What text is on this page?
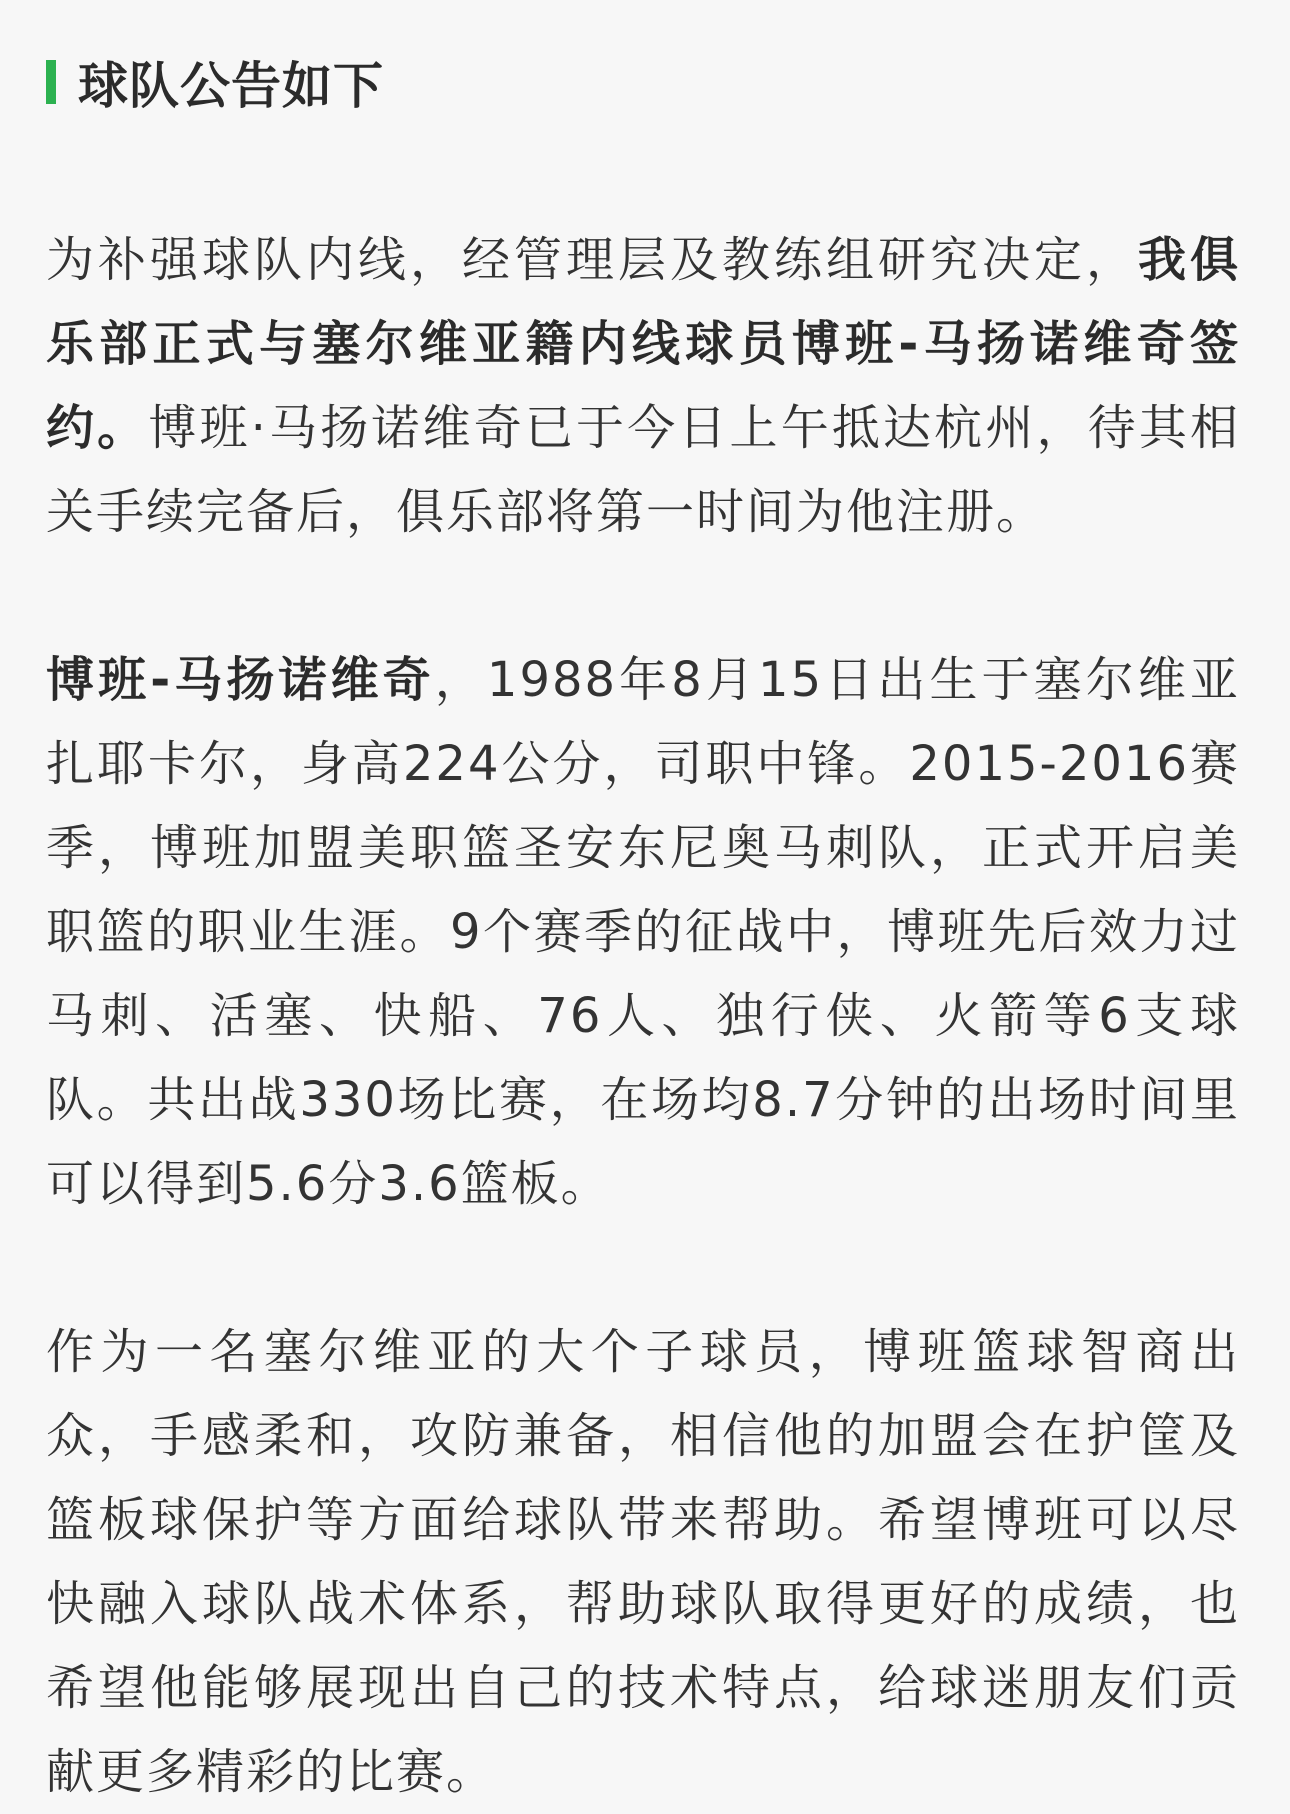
球队公告如下

为补强球队内线，经管理层及教练组研究决定，我俱乐部正式与塞尔维亚籍内线球员博班-马扬诺维奇签约。博班·马扬诺维奇已于今日上午抵达杭州，待其相关手续完备后，俱乐部将第一时间为他注册。

博班-马扬诺维奇，1988年8月15日出生于塞尔维亚扎耶卡尔，身高224公分，司职中锋。2015-2016赛季，博班加盟美职篮圣安东尼奥马刺队，正式开启美职篮的职业生涯。9个赛季的征战中，博班先后效力过马刺、活塞、快船、76人、独行侠、火箭等6支球队。共出战330场比赛，在场均8.7分钟的出场时间里可以得到5.6分3.6篮板。

作为一名塞尔维亚的大个子球员，博班篮球智商出众，手感柔和，攻防兼备，相信他的加盟会在护筐及篮板球保护等方面给球队带来帮助。希望博班可以尽快融入球队战术体系，帮助球队取得更好的成绩，也希望他能够展现出自己的技术特点，给球迷朋友们贡献更多精彩的比赛。
